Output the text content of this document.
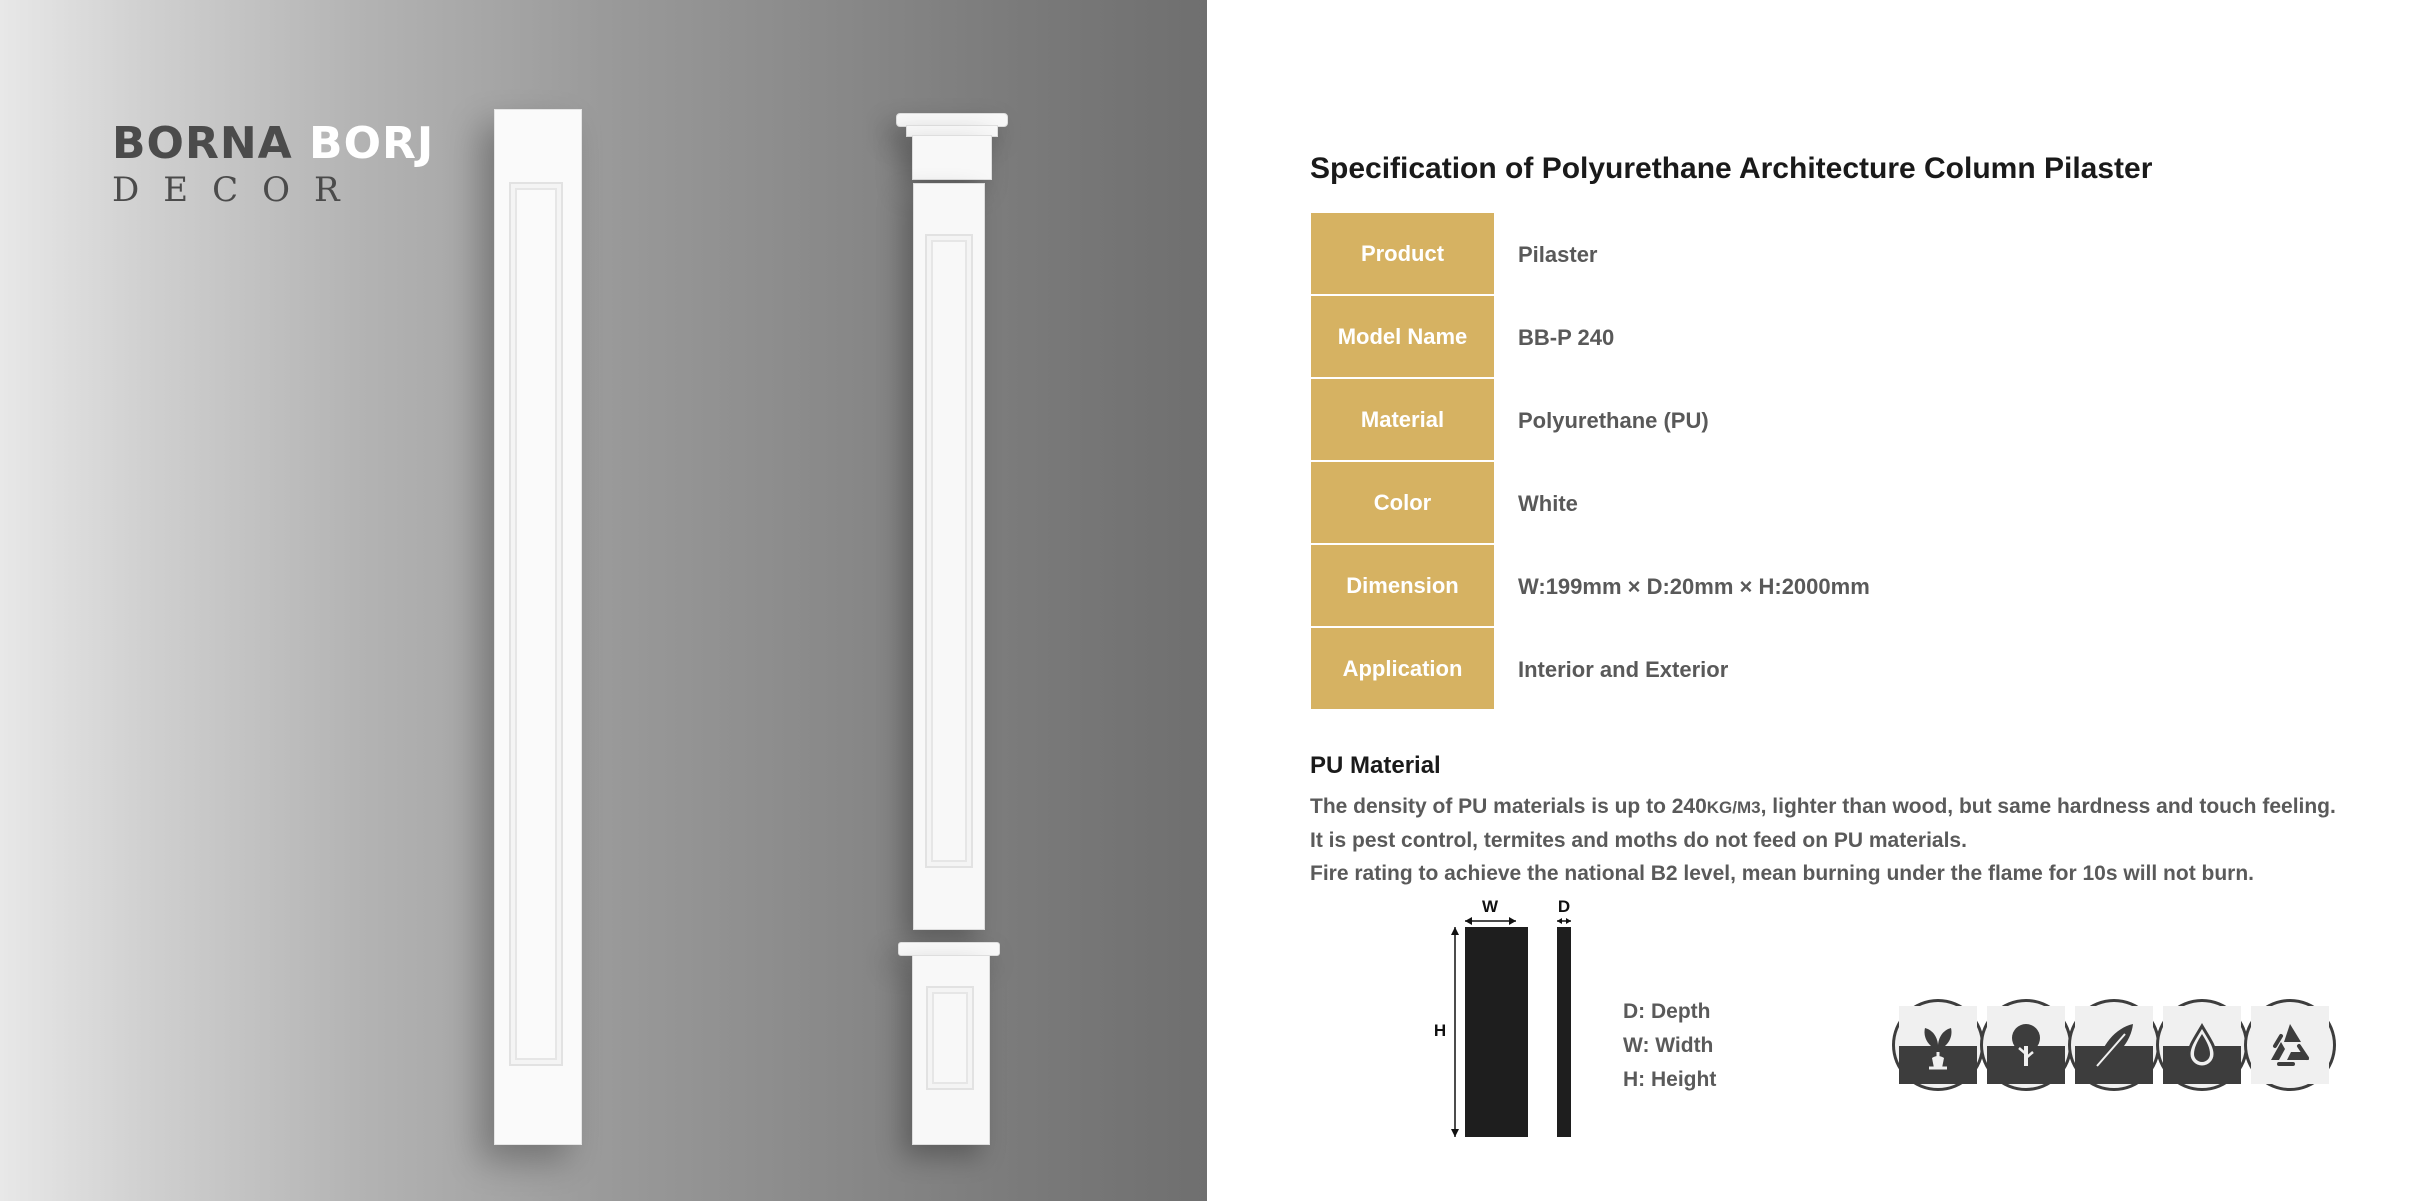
BORNA BORJ
DECOR
Specification of Polyurethane Architecture Column Pilaster
Product	Pilaster
Model Name	BB-P 240
Material	Polyurethane (PU)
Color	White
Dimension	W:199mm × D:20mm × H:2000mm
Application	Interior and Exterior
PU Material
The density of PU materials is up to 240KG/M3, lighter than wood, but same hardness and touch feeling.
It is pest control, termites and moths do not feed on PU materials.
Fire rating to achieve the national B2 level, mean burning under the flame for 10s will not burn.
W	D
H
D: Depth
W: Width
H: Height
